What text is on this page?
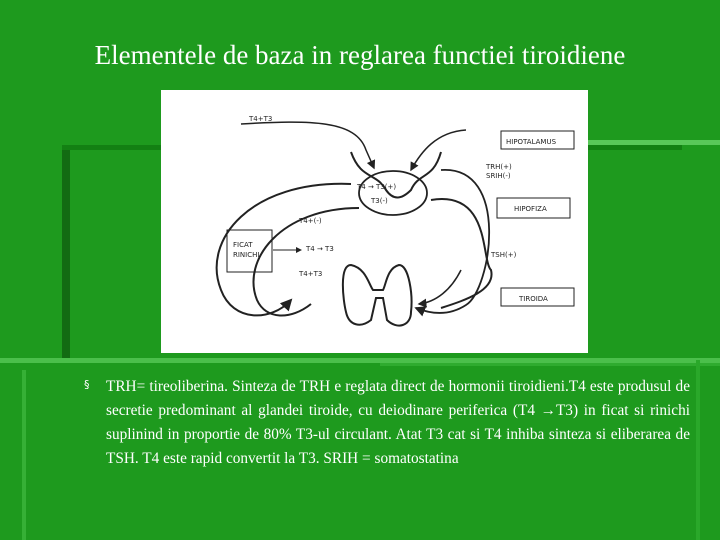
Elementele de baza in reglarea functiei tiroidiene
T4+T3
HIPOTALAMUS
TRH(+)
SRIH(-)
T4 → T3(+)
T3(-)
HIPOFIZA
T4+(-)
FICAT
RINICHI
T4 → T3
TSH(+)
T4+T3
TIROIDA
§ TRH= tireoliberina. Sinteza de TRH e reglata direct de hormonii tiroidieni.T4 este produsul de secretie predominant al glandei tiroide, cu deiodinare periferica (T4 →T3) in ficat si rinichi suplinind in proportie de 80% T3-ul circulant. Atat T3 cat si T4 inhiba sinteza si eliberarea de TSH. T4 este rapid convertit la T3. SRIH = somatostatina
